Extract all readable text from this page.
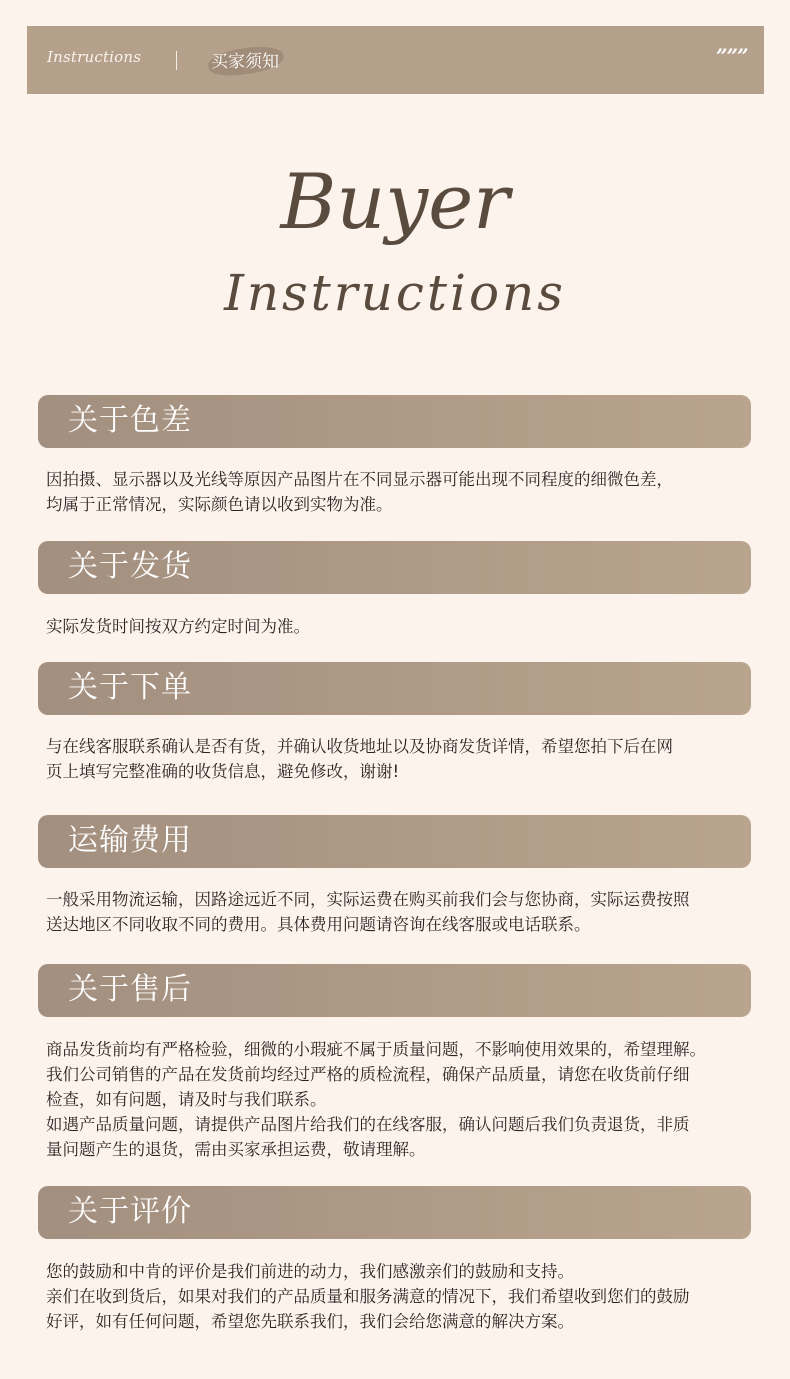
Instructions	买家须知	”””
Buyer
Instructions
关于色差
因拍摄、显示器以及光线等原因产品图片在不同显示器可能出现不同程度的细微色差，
均属于正常情况，实际颜色请以收到实物为准。
关于发货
实际发货时间按双方约定时间为准。
关于下单
与在线客服联系确认是否有货，并确认收货地址以及协商发货详情，希望您拍下后在网
页上填写完整准确的收货信息，避免修改，谢谢!
运输费用
一般采用物流运输，因路途远近不同，实际运费在购买前我们会与您协商，实际运费按照
送达地区不同收取不同的费用。具体费用问题请咨询在线客服或电话联系。
关于售后
商品发货前均有严格检验，细微的小瑕疵不属于质量问题，不影响使用效果的，希望理解。
我们公司销售的产品在发货前均经过严格的质检流程，确保产品质量，请您在收货前仔细
检查，如有问题，请及时与我们联系。
如遇产品质量问题，请提供产品图片给我们的在线客服，确认问题后我们负责退货，非质
量问题产生的退货，需由买家承担运费，敬请理解。
关于评价
您的鼓励和中肯的评价是我们前进的动力，我们感激亲们的鼓励和支持。
亲们在收到货后，如果对我们的产品质量和服务满意的情况下，我们希望收到您们的鼓励
好评，如有任何问题，希望您先联系我们，我们会给您满意的解决方案。
